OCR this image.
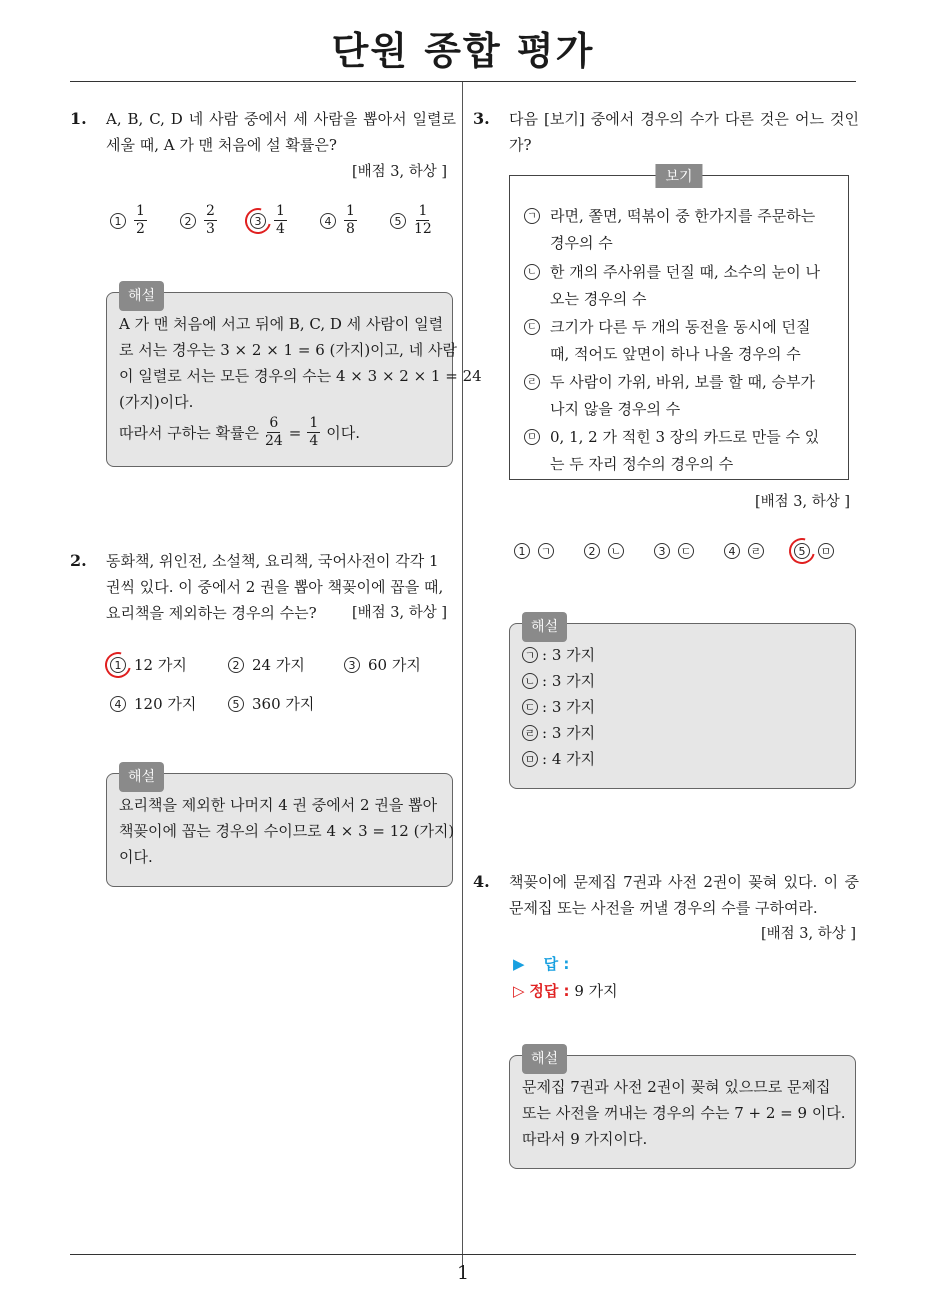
단원 종합 평가
1. A, B, C, D 네 사람 중에서 세 사람을 뽑아서 일렬로 세울 때, A 가 맨 처음에 설 확률은?

[배점 3, 하상 ]
$1 \frac{1}{2}$	$2 \frac{2}{3}$	$3 \frac{1}{4}$	$4 \frac{1}{8}$	$5 \frac{1}{12}$
해설

A 가 맨 처음에 서고 뒤에 B, C, D 세 사람이 일렬

로 서는 경우는 3 × 2 × 1 = 6 (가지)이고, 네 사람

이 일렬로 서는 모든 경우의 수는 4 × 3 × 2 × 1 = 24

(가지)이다.

따라서 구하는 확률은 $\frac{6}{24} = \frac{1}{4}$ 이다.

2. 동화책, 위인전, 소설책, 요리책, 국어사전이 각각 1

권씩 있다. 이 중에서 2 권을 뽑아 책꽂이에 꼽을 때,

요리책을 제외하는 경우의 수는?	[배점 3, 하상 ]
1 12 가지	2 24 가지	3 60 가지
4 120 가지	5 360 가지
해설

요리책을 제외한 나머지 4 권 중에서 2 권을 뽑아

책꽂이에 꼽는 경우의 수이므로 4 × 3 = 12 (가지)

이다.

3. 다음 [보기] 중에서 경우의 수가 다른 것은 어느 것인가?

보기
ㄱ 라면, 쫄면, 떡볶이 중 한가지를 주문하는
경우의 수
ㄴ 한 개의 주사위를 던질 때, 소수의 눈이 나
오는 경우의 수
ㄷ 크기가 다른 두 개의 동전을 동시에 던질
때, 적어도 앞면이 하나 나올 경우의 수
ㄹ 두 사람이 가위, 바위, 보를 할 때, 승부가
나지 않을 경우의 수
ㅁ 0, 1, 2 가 적힌 3 장의 카드로 만들 수 있
는 두 자리 정수의 경우의 수
[배점 3, 하상 ]
1	ㄱ	2	ㄴ	3	ㄷ	4	ㄹ	5	ㅁ
해설

ㄱ : 3 가지

ㄴ : 3 가지

ㄷ : 3 가지

ㄹ : 3 가지

ㅁ : 4 가지

4. 책꽂이에 문제집 7권과 사전 2권이 꽂혀 있다. 이 중 문제집 또는 사전을 꺼낼 경우의 수를 구하여라.

[배점 3, 하상 ]
▶ 답 :
▷ 정답 : 9 가지
해설

문제집 7권과 사전 2권이 꽂혀 있으므로 문제집

또는 사전을 꺼내는 경우의 수는 7 + 2 = 9 이다.

따라서 9 가지이다.

1
